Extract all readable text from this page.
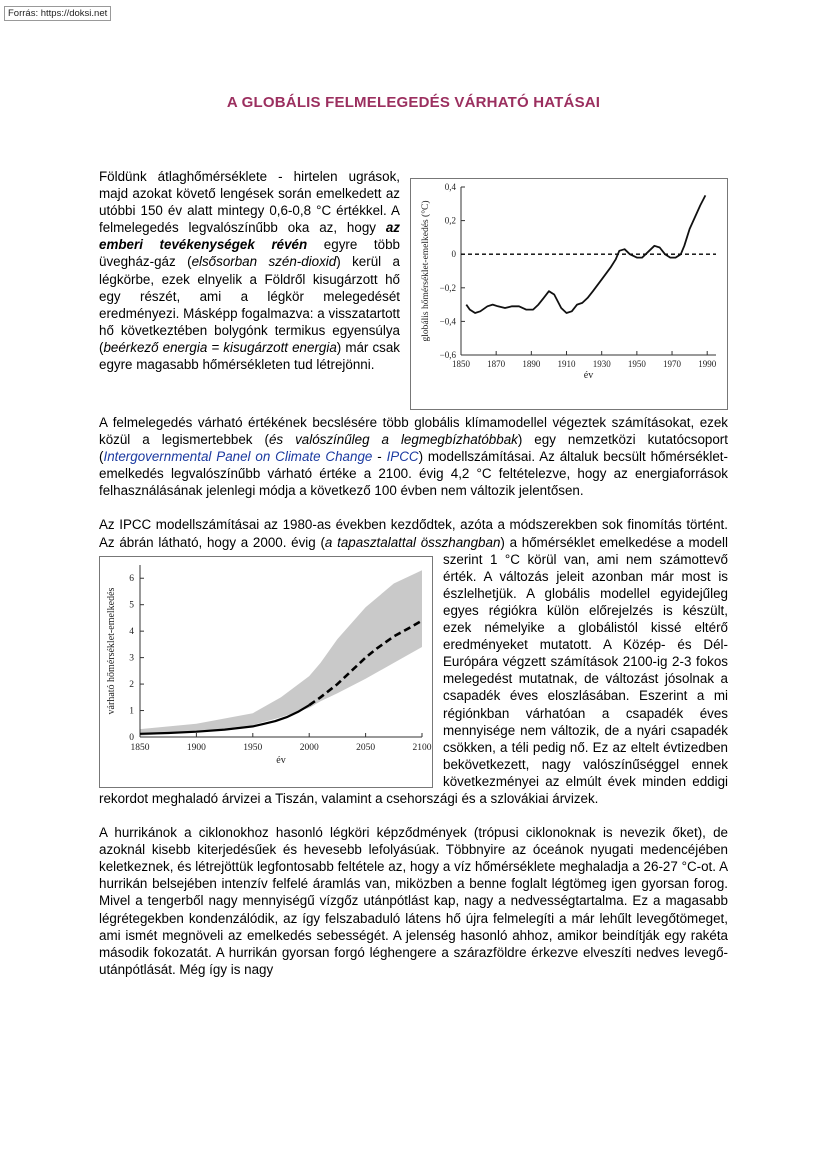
Forrás: https://doksi.net
A GLOBÁLIS FELMELEGEDÉS VÁRHATÓ HATÁSAI

0,4
0,2
0
−0,2
−0,4
−0,6
1850 1870 1890 1910 1930 1950 1970 1990
év
globális hőmérséklet-emelkedés (°C)
Földünk átlaghőmérséklete - hirtelen ugrások, majd azokat követő lengések során emelkedett az utóbbi 150 év alatt mintegy 0,6-0,8 °C értékkel. A felmelegedés legvalószínűbb oka az, hogy az emberi tevékenységek révén egyre több üvegház-gáz (elsősorban szén-dioxid) kerül a légkörbe, ezek elnyelik a Földről kisugárzott hő egy részét, ami a légkör melegedését eredményezi. Másképp fogalmazva: a visszatartott hő következtében bolygónk termikus egyensúlya (beérkező energia = kisugárzott energia) már csak egyre magasabb hőmérsékleten tud létrejönni.

A felmelegedés várható értékének becslésére több globális klímamodellel végeztek számításokat, ezek közül a legismertebbek (és valószínűleg a legmegbízhatóbbak) egy nemzetközi kutatócsoport (Intergovernmental Panel on Climate Change - IPCC) modellszámításai. Az általuk becsült hőmérséklet- emelkedés legvalószínűbb várható értéke a 2100. évig 4,2 °C feltételezve, hogy az energiaforrások felhasználásának jelenlegi módja a következő 100 évben nem változik jelentősen.

Az IPCC modellszámításai az 1980-as években kezdődtek, azóta a módszerekben sok finomítás történt. Az ábrán látható, hogy a 2000. évig (a tapasztalattal összhangban
6
5
4
3
2
1
0
1850	1900	1950	2000	2050	2100
év
várható hőmérséklet-emelkedés
) a hőmérséklet emelkedése a modell szerint 1 °C körül van, ami nem számottevő érték. A változás jeleit azonban már most is észlelhetjük. A globális modellel egyidejűleg egyes régiókra külön előrejelzés is készült, ezek némelyike a globálistól kissé eltérő eredményeket mutatott. A Közép- és Dél-Európára végzett számítások 2100-ig 2-3 fokos melegedést mutatnak, de változást jósolnak a csapadék éves eloszlásában. Eszerint a mi régiónkban várhatóan a csapadék éves mennyisége nem változik, de a nyári csapadék csökken, a téli pedig nő. Ez az eltelt évtizedben bekövetkezett, nagy valószínűséggel ennek következményei az elmúlt évek minden eddigi rekordot meghaladó árvizei a Tiszán, valamint a csehországi és a szlovákiai árvizek.

A hurrikánok a ciklonokhoz hasonló légköri képződmények (trópusi ciklonoknak is nevezik őket), de azoknál kisebb kiterjedésűek és hevesebb lefolyásúak. Többnyire az óceánok nyugati medencéjében keletkeznek, és létrejöttük legfontosabb feltétele az, hogy a víz hőmérséklete meghaladja a 26-27 °C-ot. A hurrikán belsejében intenzív felfelé áramlás van, miközben a benne foglalt légtömeg igen gyorsan forog. Mivel a tengerből nagy mennyiségű vízgőz utánpótlást kap, nagy a nedvességtartalma. Ez a magasabb légrétegekben kondenzálódik, az így felszabaduló látens hő újra felmelegíti a már lehűlt levegőtömeget, ami ismét megnöveli az emelkedés sebességét. A jelenség hasonló ahhoz, amikor beindítják egy rakéta második fokozatát. A hurrikán gyorsan forgó léghengere a szárazföldre érkezve elveszíti nedves levegő- utánpótlását. Még így is nagy
